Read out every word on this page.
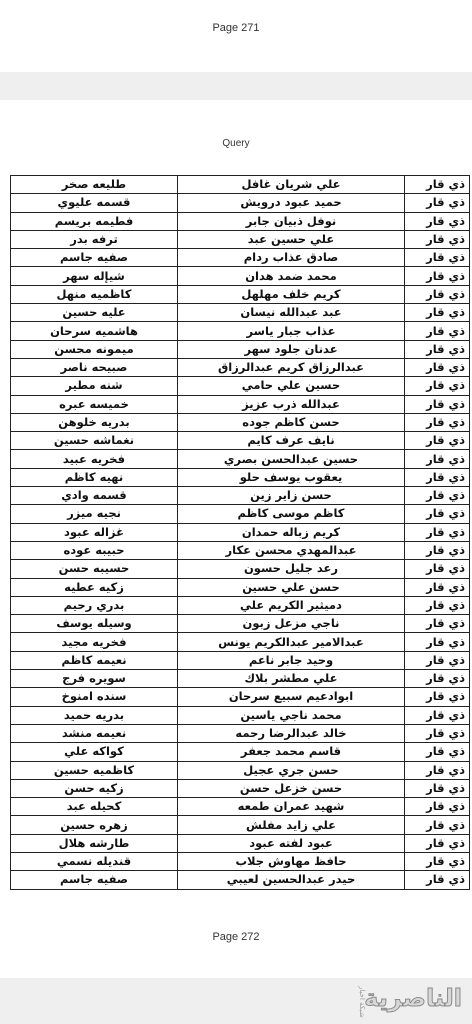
Page 271
Query
ذي قار	علي شريان غافل	طليعه صخر
ذي قار	حميد عبود درويش	قسمه عليوي
ذي قار	نوفل ذبيان جابر	فطيمه بريسم
ذي قار	علي حسين عبد	ترفه بدر
ذي قار	صادق عذاب ردام	صفيه جاسم
ذي قار	محمد ضمد هدان	شيإله سهر
ذي قار	كريم خلف مهلهل	كاظميه منهل
ذي قار	عبد عبدالله نيسان	عليه حسين
ذي قار	عذاب جبار ياسر	هاشميه سرحان
ذي قار	عدنان جلود سهر	ميمونه محسن
ذي قار	عبدالرزاق كريم عبدالرزاق	صبيحه ناصر
ذي قار	حسين علي حامي	شنه مطير
ذي قار	عبدالله ذرب عزيز	خميسه عبره
ذي قار	حسن كاظم جوده	بدريه خلوهن
ذي قار	نايف عرف كايم	نغماشه حسين
ذي قار	حسين عبدالحسن بصري	فخريه عبيد
ذي قار	يعقوب يوسف حلو	نهيه كاظم
ذي قار	حسن زاير زين	قسمه وادي
ذي قار	كاظم موسى كاظم	نجيه ميزر
ذي قار	كريم زباله حمدان	غزاله عبود
ذي قار	عبدالمهدي محسن عكار	حبيبه عوده
ذي قار	رعد جليل حسون	حسيبه حسن
ذي قار	حسن علي حسين	زكيه عطيه
ذي قار	دميثير الكريم علي	بدري رحيم
ذي قار	ناجي مزعل زبون	وسيله يوسف
ذي قار	عبدالامير عبدالكريم يونس	فخريه مجيد
ذي قار	وحيد جابر ناعم	نعيمه كاظم
ذي قار	علي مطشر بلاك	سويره فرج
ذي قار	ابوادعيم سبيع سرحان	سنده امنوخ
ذي قار	محمد ناجي ياسين	بدريه حميد
ذي قار	خالد عبدالرضا رحمه	نعيمه منشد
ذي قار	قاسم محمد جعفر	كواكه علي
ذي قار	حسن جري عجيل	كاظميه حسين
ذي قار	حسن خزعل حسن	زكيه حسن
ذي قار	شهيد عمران طمعه	كحيله عبد
ذي قار	علي زايد مفلش	زهره حسين
ذي قار	عبود لفته عبود	طارشه هلال
ذي قار	حافظ مهاوش جلاب	قنديله نسمي
ذي قار	حيدر عبدالحسين لعيبي	صفيه جاسم
Page 272
شبكة اخبار
الناصرية
